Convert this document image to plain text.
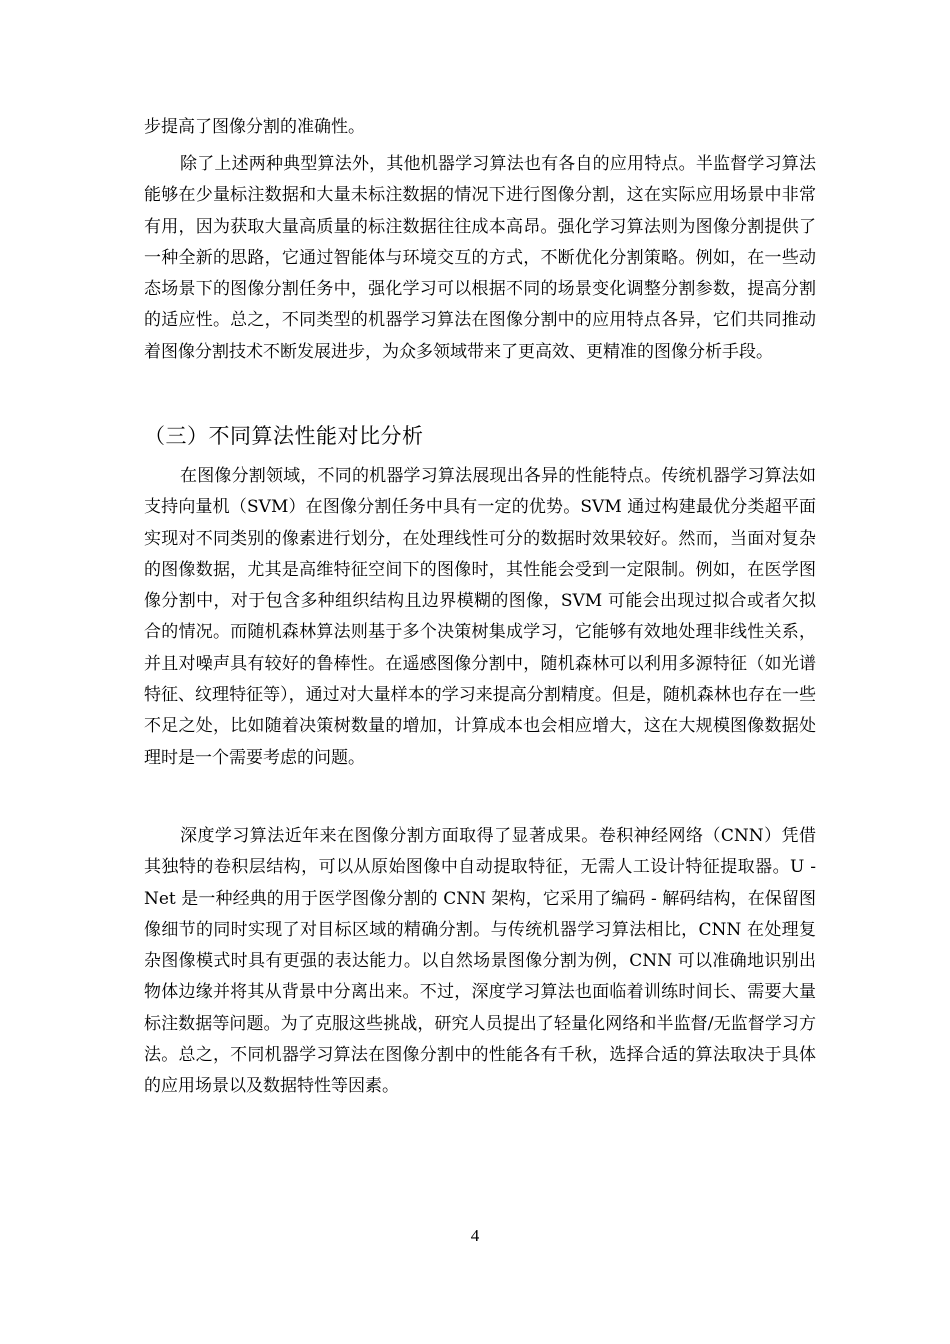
步提高了图像分割的准确性。

除了上述两种典型算法外，其他机器学习算法也有各自的应用特点。半监督学习算法能够在少量标注数据和大量未标注数据的情况下进行图像分割，这在实际应用场景中非常有用，因为获取大量高质量的标注数据往往成本高昂。强化学习算法则为图像分割提供了一种全新的思路，它通过智能体与环境交互的方式，不断优化分割策略。例如，在一些动态场景下的图像分割任务中，强化学习可以根据不同的场景变化调整分割参数，提高分割的适应性。总之，不同类型的机器学习算法在图像分割中的应用特点各异，它们共同推动着图像分割技术不断发展进步，为众多领域带来了更高效、更精准的图像分析手段。

（三）不同算法性能对比分析

在图像分割领域，不同的机器学习算法展现出各异的性能特点。传统机器学习算法如支持向量机（SVM）在图像分割任务中具有一定的优势。SVM 通过构建最优分类超平面实现对不同类别的像素进行划分，在处理线性可分的数据时效果较好。然而，当面对复杂的图像数据，尤其是高维特征空间下的图像时，其性能会受到一定限制。例如，在医学图像分割中，对于包含多种组织结构且边界模糊的图像，SVM 可能会出现过拟合或者欠拟合的情况。而随机森林算法则基于多个决策树集成学习，它能够有效地处理非线性关系，并且对噪声具有较好的鲁棒性。在遥感图像分割中，随机森林可以利用多源特征（如光谱特征、纹理特征等），通过对大量样本的学习来提高分割精度。但是，随机森林也存在一些不足之处，比如随着决策树数量的增加，计算成本也会相应增大，这在大规模图像数据处理时是一个需要考虑的问题。

深度学习算法近年来在图像分割方面取得了显著成果。卷积神经网络（CNN）凭借其独特的卷积层结构，可以从原始图像中自动提取特征，无需人工设计特征提取器。U - Net 是一种经典的用于医学图像分割的 CNN 架构，它采用了编码 - 解码结构，在保留图像细节的同时实现了对目标区域的精确分割。与传统机器学习算法相比，CNN 在处理复杂图像模式时具有更强的表达能力。以自然场景图像分割为例，CNN 可以准确地识别出物体边缘并将其从背景中分离出来。不过，深度学习算法也面临着训练时间长、需要大量标注数据等问题。为了克服这些挑战，研究人员提出了轻量化网络和半监督/无监督学习方法。总之，不同机器学习算法在图像分割中的性能各有千秋，选择合适的算法取决于具体的应用场景以及数据特性等因素。

4
